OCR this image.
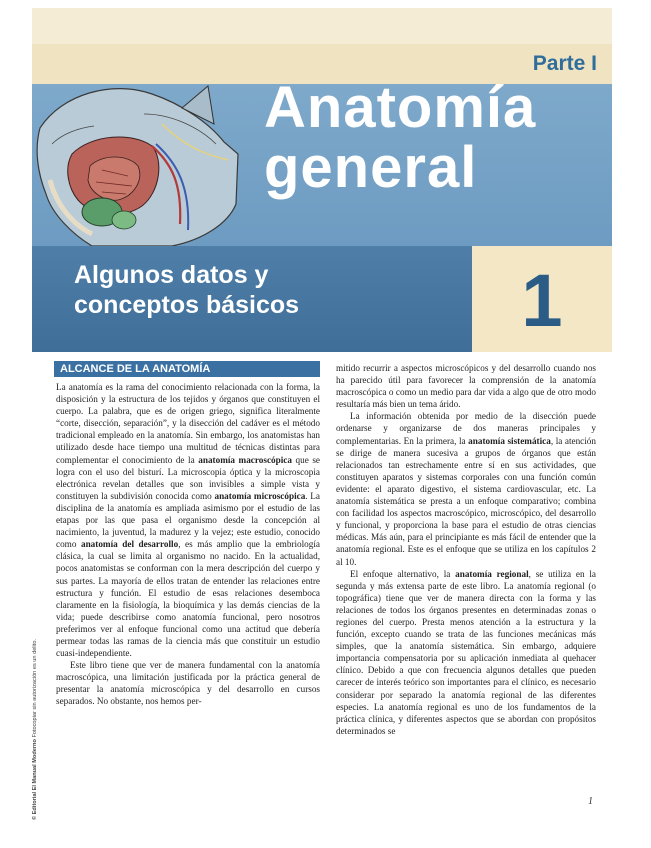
Parte I
Anatomía
general
Algunos datos y
conceptos básicos	1
ALCANCE DE LA ANATOMÍA

La anatomía es la rama del conocimiento relacionada con la forma, la disposición y la estructura de los tejidos y órganos que constituyen el cuerpo. La palabra, que es de origen griego, significa literalmente “corte, disección, separación”, y la disección del cadáver es el método tradicional empleado en la anatomía. Sin embargo, los anatomistas han utilizado desde hace tiempo una multitud de técnicas distintas para complementar el conocimiento de la anatomía macroscópica que se logra con el uso del bisturí. La microscopia óptica y la microscopia electrónica revelan detalles que son invisibles a simple vista y constituyen la subdivisión conocida como anatomía microscópica. La disciplina de la anatomía es ampliada asimismo por el estudio de las etapas por las que pasa el organismo desde la concepción al nacimiento, la juventud, la madurez y la vejez; este estudio, conocido como anatomía del desarrollo, es más amplio que la embriología clásica, la cual se limita al organismo no nacido. En la actualidad, pocos anatomistas se conforman con la mera descripción del cuerpo y sus partes. La mayoría de ellos tratan de entender las relaciones entre estructura y función. El estudio de esas relaciones desemboca claramente en la fisiología, la bioquímica y las demás ciencias de la vida; puede describirse como anatomía funcional, pero nosotros preferimos ver al enfoque funcional como una actitud que debería permear todas las ramas de la ciencia más que constituir un estudio cuasi-independiente.

Este libro tiene que ver de manera fundamental con la anatomía macroscópica, una limitación justificada por la práctica general de presentar la anatomía microscópica y del desarrollo en cursos separados. No obstante, nos hemos per-

mitido recurrir a aspectos microscópicos y del desarrollo cuando nos ha parecido útil para favorecer la comprensión de la anatomía macroscópica o como un medio para dar vida a algo que de otro modo resultaría más bien un tema árido.

La información obtenida por medio de la disección puede ordenarse y organizarse de dos maneras principales y complementarias. En la primera, la anatomía sistemática, la atención se dirige de manera sucesiva a grupos de órganos que están relacionados tan estrechamente entre sí en sus actividades, que constituyen aparatos y sistemas corporales con una función común evidente: el aparato digestivo, el sistema cardiovascular, etc. La anatomía sistemática se presta a un enfoque comparativo; combina con facilidad los aspectos macroscópico, microscópico, del desarrollo y funcional, y proporciona la base para el estudio de otras ciencias médicas. Más aún, para el principiante es más fácil de entender que la anatomía regional. Este es el enfoque que se utiliza en los capítulos 2 al 10.

El enfoque alternativo, la anatomía regional, se utiliza en la segunda y más extensa parte de este libro. La anatomía regional (o topográfica) tiene que ver de manera directa con la forma y las relaciones de todos los órganos presentes en determinadas zonas o regiones del cuerpo. Presta menos atención a la estructura y la función, excepto cuando se trata de las funciones mecánicas más simples, que la anatomía sistemática. Sin embargo, adquiere importancia compensatoria por su aplicación inmediata al quehacer clínico. Debido a que con frecuencia algunos detalles que pueden carecer de interés teórico son importantes para el clínico, es necesario considerar por separado la anatomía regional de las diferentes especies. La anatomía regional es uno de los fundamentos de la práctica clínica, y diferentes aspectos que se abordan con propósitos determinados se

© Editorial El Manual Moderno Fotocopiar sin autorización es un delito.
1
